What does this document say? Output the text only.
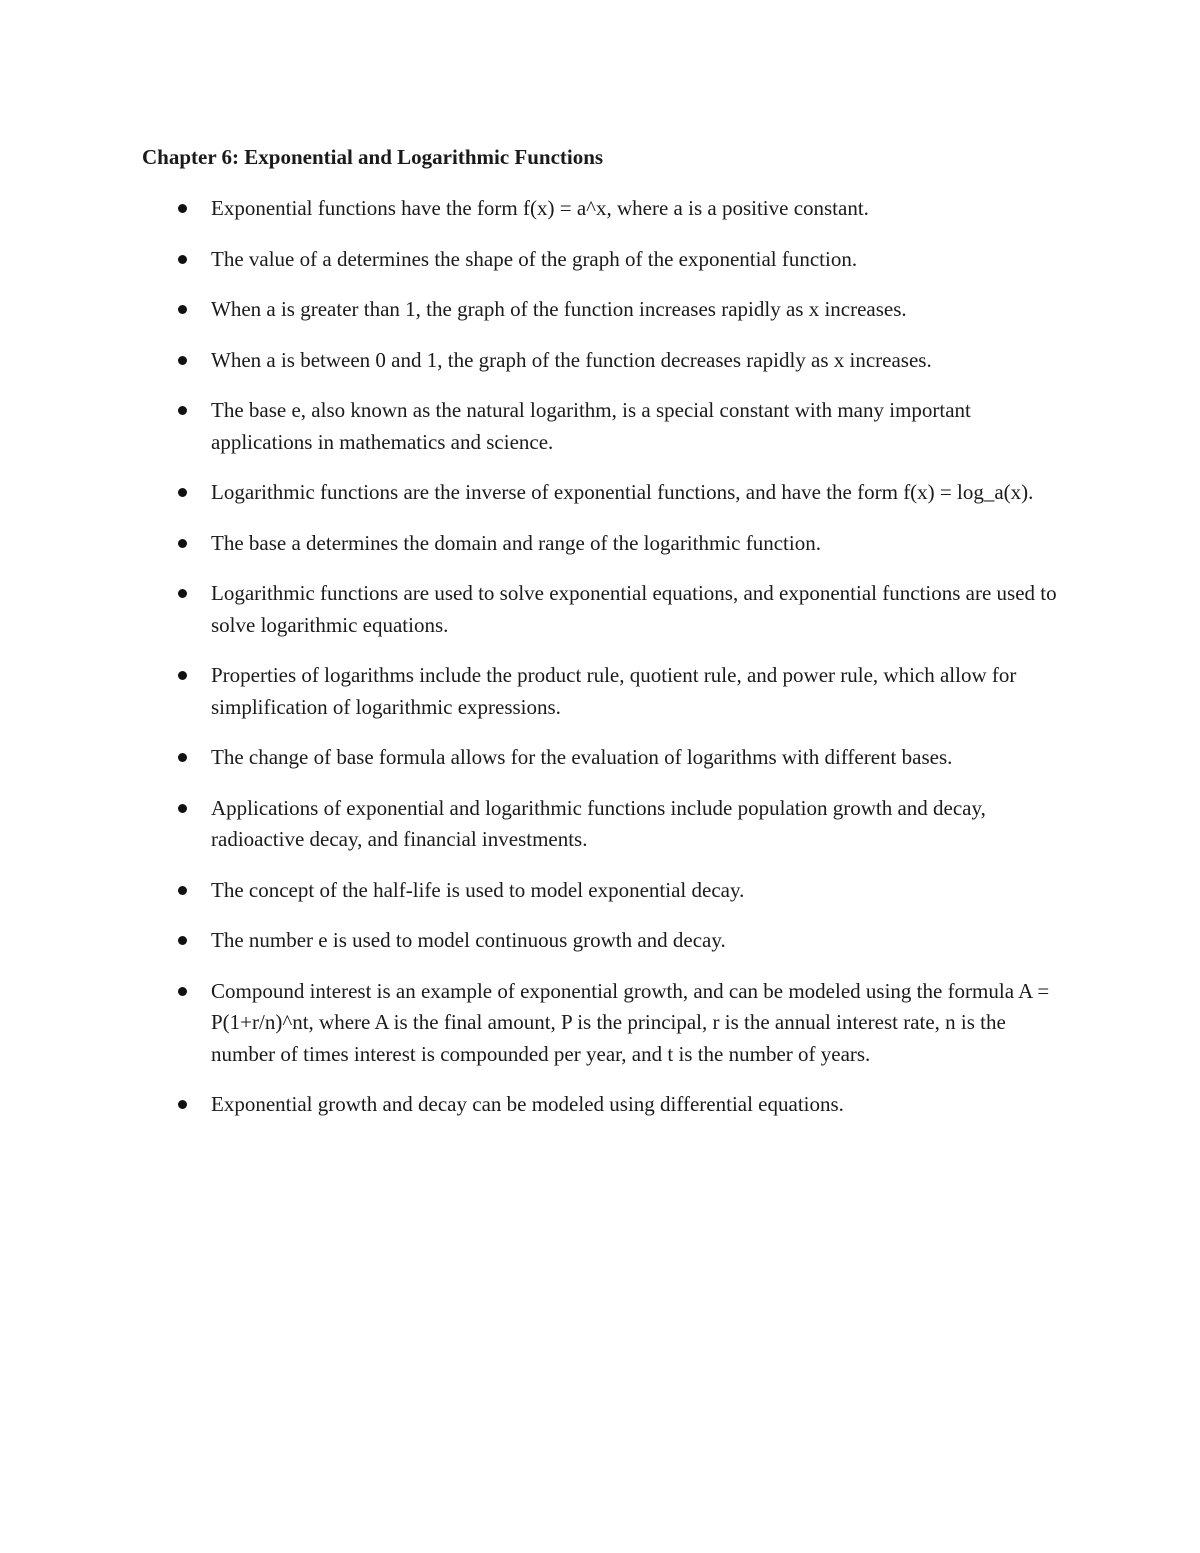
Chapter 6: Exponential and Logarithmic Functions
Exponential functions have the form f(x) = a^x, where a is a positive constant.
The value of a determines the shape of the graph of the exponential function.
When a is greater than 1, the graph of the function increases rapidly as x increases.
When a is between 0 and 1, the graph of the function decreases rapidly as x increases.
The base e, also known as the natural logarithm, is a special constant with many important applications in mathematics and science.
Logarithmic functions are the inverse of exponential functions, and have the form f(x) = log_a(x).
The base a determines the domain and range of the logarithmic function.
Logarithmic functions are used to solve exponential equations, and exponential functions are used to solve logarithmic equations.
Properties of logarithms include the product rule, quotient rule, and power rule, which allow for simplification of logarithmic expressions.
The change of base formula allows for the evaluation of logarithms with different bases.
Applications of exponential and logarithmic functions include population growth and decay, radioactive decay, and financial investments.
The concept of the half-life is used to model exponential decay.
The number e is used to model continuous growth and decay.
Compound interest is an example of exponential growth, and can be modeled using the formula A = P(1+r/n)^nt, where A is the final amount, P is the principal, r is the annual interest rate, n is the number of times interest is compounded per year, and t is the number of years.
Exponential growth and decay can be modeled using differential equations.
